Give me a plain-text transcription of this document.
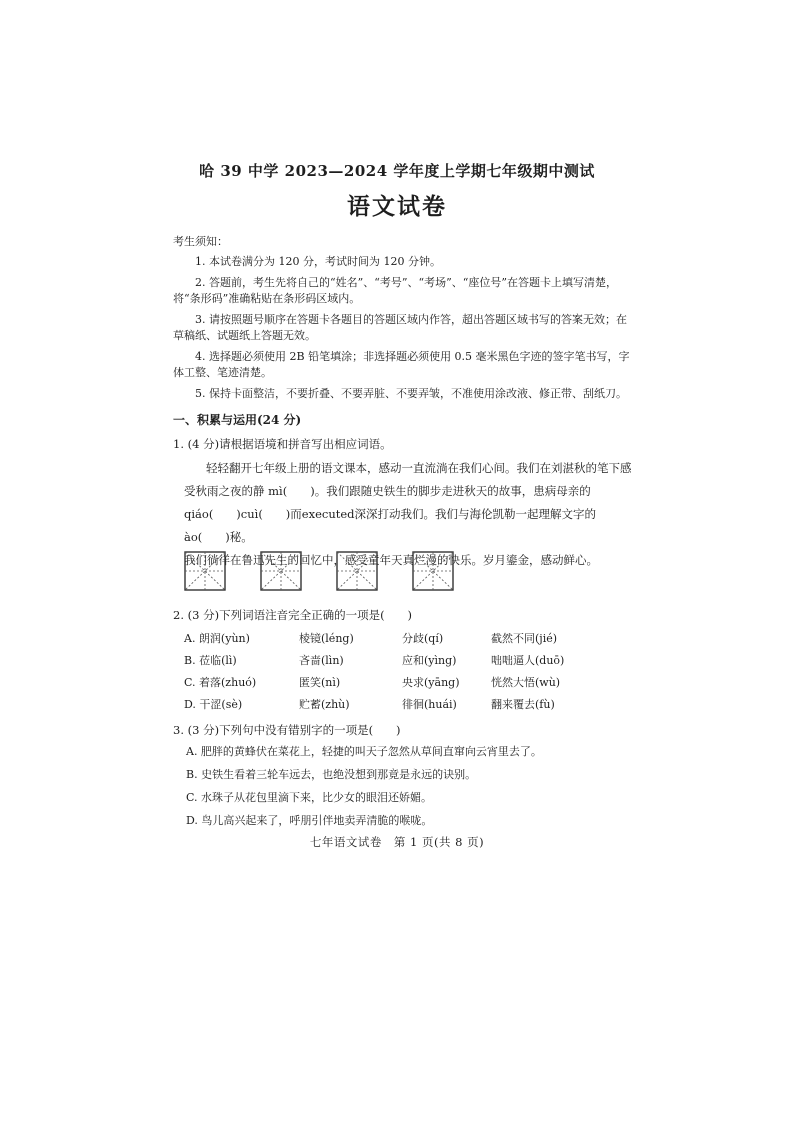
哈 39 中学 2023—2024 学年度上学期七年级期中测试
语文试卷
考生须知：
1. 本试卷满分为 120 分，考试时间为 120 分钟。
2. 答题前，考生先将自己的“姓名”、“考号”、“考场”、“座位号”在答题卡上填写清楚，将“条形码”准确粘贴在条形码区域内。
3. 请按照题号顺序在答题卡各题目的答题区域内作答，超出答题区域书写的答案无效；在草稿纸、试题纸上答题无效。
4. 选择题必须使用 2B 铅笔填涂；非选择题必须使用 0.5 毫米黑色字迹的签字笔书写，字体工整、笔迹清楚。
5. 保持卡面整洁，不要折叠、不要弄脏、不要弄皱，不准使用涂改液、修正带、刮纸刀。
一、积累与运用(24 分)
1. (4 分)请根据语境和拼音写出相应词语。
轻轻翻开七年级上册的语文课本，感动一直流淌在我们心间。我们在刘湛秋的笔下感
受秋雨之夜的静 mì(　　)。我们跟随史铁生的脚步走进秋天的故事，患病母亲的
qiáo(　　)cuì(　　)而executed深深打动我们。我们与海伦凯勒一起理解文字的 ào(　　)秘。
我们徜徉在鲁迅先生的回忆中，感受童年天真烂漫的快乐。岁月鎏金，感动鲜心。
2. (3 分)下列词语注音完全正确的一项是(　　)
A. 朗润(yùn)	棱镜(léng)	分歧(qí)	截然不同(jié)
B. 莅临(lì)	吝啬(lìn)	应和(yìng)	咄咄逼人(duō)
C. 着落(zhuó)	匿笑(nì)	央求(yāng)	恍然大悟(wù)
D. 干涩(sè)	贮蓄(zhù)	徘徊(huái)	翻来覆去(fù)
3. (3 分)下列句中没有错别字的一项是(　　)
A. 肥胖的黄蜂伏在菜花上，轻捷的叫天子忽然从草间直窜向云宵里去了。
B. 史铁生看着三轮车远去，也绝没想到那竟是永远的诀别。
C. 水珠子从花包里滴下来，比少女的眼泪还娇媚。
D. 鸟儿高兴起来了，呼朋引伴地卖弄清脆的喉咙。
七年语文试卷　第 1 页(共 8 页)
